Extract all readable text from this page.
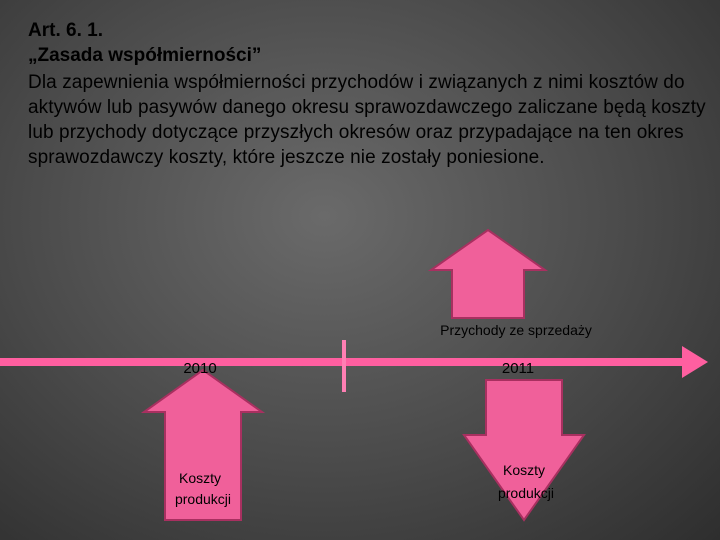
Art. 6. 1.
„Zasada współmierności”
Dla zapewnienia współmierności przychodów i związanych z nimi kosztów do aktywów lub pasywów danego okresu sprawozdawczego zaliczane będą koszty lub przychody dotyczące przyszłych okresów oraz przypadające na ten okres sprawozdawczy koszty, które jeszcze nie zostały poniesione.
Przychody ze sprzedaży
2010	2011
Koszty
produkcji
Koszty
produkcji
